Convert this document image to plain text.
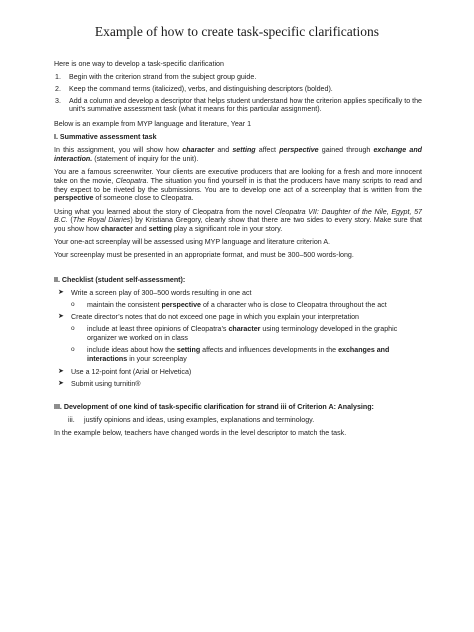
Example of how to create task-specific clarifications

Here is one way to develop a task-specific clarification

1.	Begin with the criterion strand from the subject group guide.
2.	Keep the command terms (italicized), verbs, and distinguishing descriptors (bolded).
3.	Add a column and develop a descriptor that helps student understand how the criterion applies specifically to the unit’s summative assessment task (what it means for this particular assignment).

Below is an example from MYP language and literature, Year 1

I. Summative assessment task

In this assignment, you will show how character and setting affect perspective gained through exchange and interaction. (statement of inquiry for the unit).

You are a famous screenwriter. Your clients are executive producers that are looking for a fresh and more innocent take on the movie, Cleopatra. The situation you find yourself in is that the producers have many scripts to read and they expect to be riveted by the submissions. You are to develop one act of a screenplay that is written from the perspective of someone close to Cleopatra.

Using what you learned about the story of Cleopatra from the novel Cleopatra VII: Daughter of the Nile, Egypt, 57 B.C. (The Royal Diaries) by Kristiana Gregory, clearly show that there are two sides to every story. Make sure that you show how character and setting play a significant role in your story.

Your one-act screenplay will be assessed using MYP language and literature criterion A.

Your screenplay must be presented in an appropriate format, and must be 300–500 words-long.

II. Checklist (student self-assessment):

➤	Write a screen play of 300–500 words resulting in one act
o	maintain the consistent perspective of a character who is close to Cleopatra throughout the act
➤	Create director’s notes that do not exceed one page in which you explain your interpretation
o	include at least three opinions of Cleopatra’s character using terminology developed in the graphic organizer we worked on in class
o	include ideas about how the setting affects and influences developments in the exchanges and interactions in your screenplay
➤	Use a 12-point font (Arial or Helvetica)
➤	Submit using turnitin®

III. Development of one kind of task-specific clarification for strand iii of Criterion A: Analysing:

iii.	justify opinions and ideas, using examples, explanations and terminology.

In the example below, teachers have changed words in the level descriptor to match the task.
